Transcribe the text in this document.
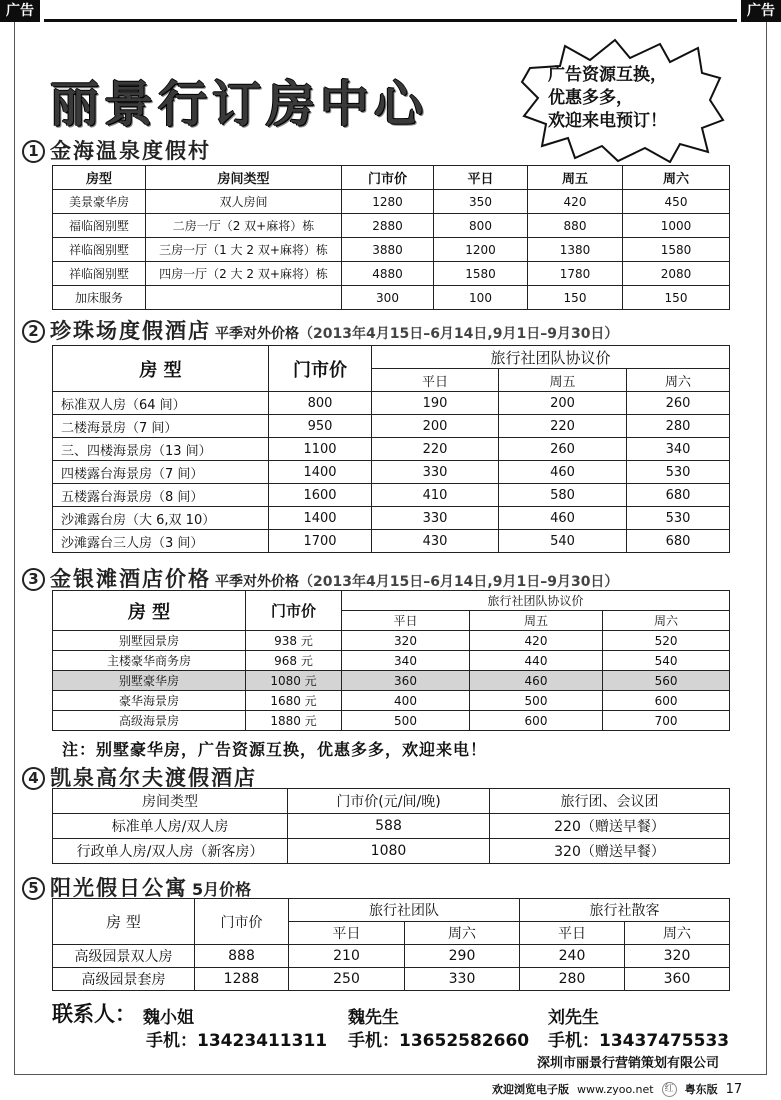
广告	广告
丽景行订房中心
广告资源互换，
优惠多多，
欢迎来电预订！
1 金海温泉度假村
房型	房间类型	门市价	平日	周五	周六
美景豪华房	双人房间	1280	350	420	450
福临阁别墅	二房一厅（2 双+麻将）栋	2880	800	880	1000
祥临阁别墅	三房一厅（1 大 2 双+麻将）栋	3880	1200	1380	1580
祥临阁别墅	四房一厅（2 大 2 双+麻将）栋	4880	1580	1780	2080
加床服务		300	100	150	150
2 珍珠场度假酒店 平季对外价格（2013年4月15日–6月14日,9月1日–9月30日）
房 型	门市价	旅行社团队协议价		
		平日	周五	周六
标准双人房（64 间）	800	190	200	260
二楼海景房（7 间）	950	200	220	280
三、四楼海景房（13 间）	1100	220	260	340
四楼露台海景房（7 间）	1400	330	460	530
五楼露台海景房（8 间）	1600	410	580	680
沙滩露台房（大 6,双 10）	1400	330	460	530
沙滩露台三人房（3 间）	1700	430	540	680
3 金银滩酒店价格 平季对外价格（2013年4月15日–6月14日,9月1日–9月30日）
房 型	门市价	旅行社团队协议价		
		平日	周五	周六
别墅园景房	938 元	320	420	520
主楼豪华商务房	968 元	340	440	540
别墅豪华房	1080 元	360	460	560
豪华海景房	1680 元	400	500	600
高级海景房	1880 元	500	600	700
注：别墅豪华房，广告资源互换，优惠多多，欢迎来电！
4 凯泉高尔夫渡假酒店
房间类型	门市价(元/间/晚)	旅行团、会议团
标准单人房/双人房	588	220（赠送早餐）
行政单人房/双人房（新客房）	1080	320（赠送早餐）
5 阳光假日公寓 5月价格
房 型	门市价	旅行社团队		旅行社散客	
		平日	周六	平日	周六
高级园景双人房	888	210	290	240	320
高级园景套房	1288	250	330	280	360
联系人： 魏小姐	魏先生	刘先生
手机：13423411311 手机：13652582660 手机：13437475533
深圳市丽景行营销策划有限公司
欢迎浏览电子版 www.zyoo.net	红 粤东版 17
